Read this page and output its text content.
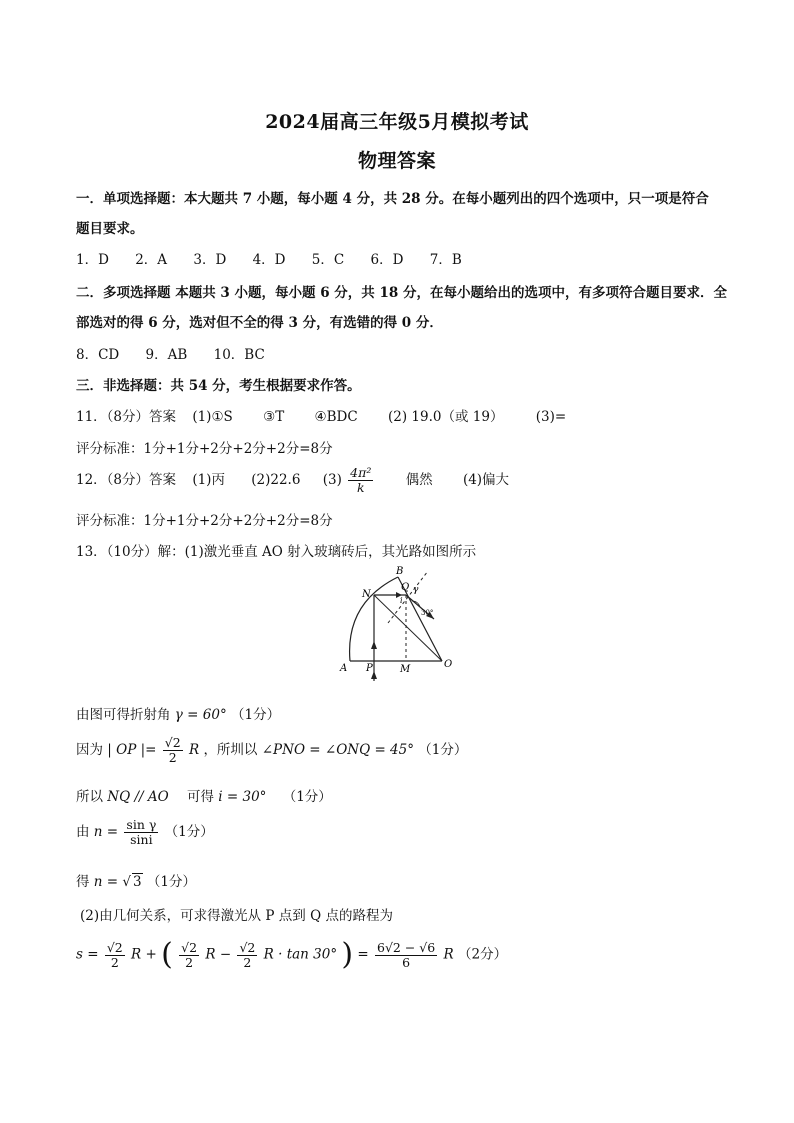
2024届高三年级5月模拟考试
物理答案
一．单项选择题：本大题共 7 小题，每小题 4 分，共 28 分。在每小题列出的四个选项中，只一项是符合
题目要求。
1．D 2．A 3．D 4．D 5．C 6．D 7．B
二．多项选择题 本题共 3 小题，每小题 6 分，共 18 分，在每小题给出的选项中，有多项符合题目要求．全
部选对的得 6 分，选对但不全的得 3 分，有选错的得 0 分．
8．CD 9．AB 10．BC
三．非选择题：共 54 分，考生根据要求作答。
11．（8分）答案 (1)①S ③T ④BDC (2) 19.0（或 19） (3)=
评分标准：1分+1分+2分+2分+2分=8分
12．（8分）答案 (1)丙 (2)22.6 $(3) \frac{\text{4π²}}{k}$ 偶然 (4)偏大
评分标准：1分+1分+2分+2分+2分=8分
13．（10分）解：(1)激光垂直 AO 射入玻璃砖后，其光路如图所示
B
Q
N
i
γ
30°
A P	M	O
由图可得折射角 γ = 60° （1分）
因为 | OP |= $\frac{√2}{2}$ R ，所圳以 ∠PNO = ∠ONQ = 45° （1分）
所以 NQ // AO 可得 i = 30° （1分）
由 $n = \frac{\text{sin γ}}{\sin i} (1$分）
得 n = √ 3 （1分）
(2)由几何关系，可求得激光从 P 点到 Q 点的路程为
$s = \frac{√2}{2}$ R + ( $\frac{√2}{2}$ $R - \frac{√2}{2}$ R · tan 30° ) = $\frac{6√2 - √6}{6}$ R （2分）
